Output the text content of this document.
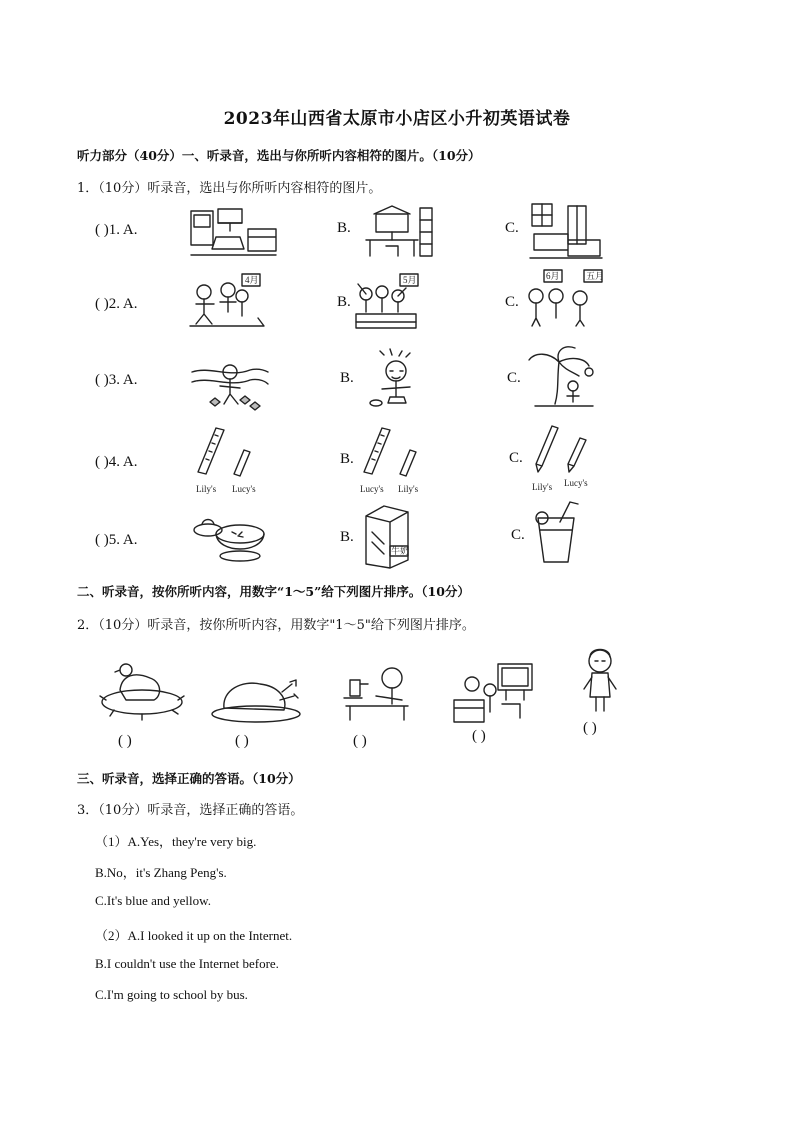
2023年山西省太原市小店区小升初英语试卷
听力部分（40分）一、听录音，选出与你所听内容相符的图片。（10分）
1．（10分）听录音，选出与你所听内容相符的图片。
( )1. A.	B.	C.
( )2. A.	B.	C.
4月	5月	6月	五月
( )3. A.	B.	C.
( )4. A.	B.	C.
Lily's Lucy's	Lucy's Lily's	Lily's Lucy's
( )5. A.	B.	C.
牛奶
二、听录音，按你所听内容，用数字“1～5”给下列图片排序。（10分）
2．（10分）听录音，按你所听内容，用数字"1～5"给下列图片排序。
( )	( )	( )	( )	( )
三、听录音，选择正确的答语。（10分）
3．（10分）听录音，选择正确的答语。
（1）A.Yes，they're very big.
B.No，it's Zhang Peng's.
C.It's blue and yellow.
（2）A.I looked it up on the Internet.
B.I couldn't use the Internet before.
C.I'm going to school by bus.
